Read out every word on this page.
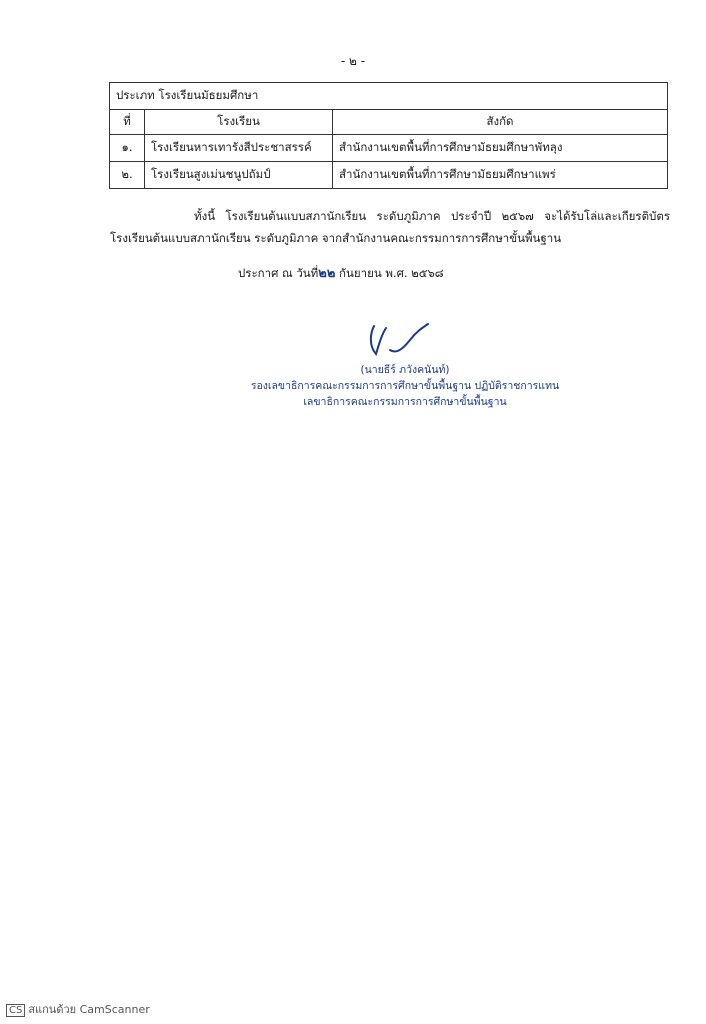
- ๒ -
ประเภท โรงเรียนมัธยมศึกษา		
ที่	โรงเรียน	สังกัด
๑.	โรงเรียนหารเทารังสีประชาสรรค์	สำนักงานเขตพื้นที่การศึกษามัธยมศึกษาพัทลุง
๒.	โรงเรียนสูงเม่นชนูปถัมป์	สำนักงานเขตพื้นที่การศึกษามัธยมศึกษาแพร่
ทั้งนี้ โรงเรียนต้นแบบสภานักเรียน ระดับภูมิภาค ประจำปี ๒๕๖๗ จะได้รับโล่และเกียรติบัตร โรงเรียนต้นแบบสภานักเรียน ระดับภูมิภาค จากสำนักงานคณะกรรมการการศึกษาขั้นพื้นฐาน
ประกาศ ณ วันที่๒๒ กันยายน พ.ศ. ๒๕๖๘
(นายธีร์ ภวังคนันท์)
รองเลขาธิการคณะกรรมการการศึกษาขั้นพื้นฐาน ปฏิบัติราชการแทน
เลขาธิการคณะกรรมการการศึกษาขั้นพื้นฐาน
CS สแกนด้วย CamScanner
